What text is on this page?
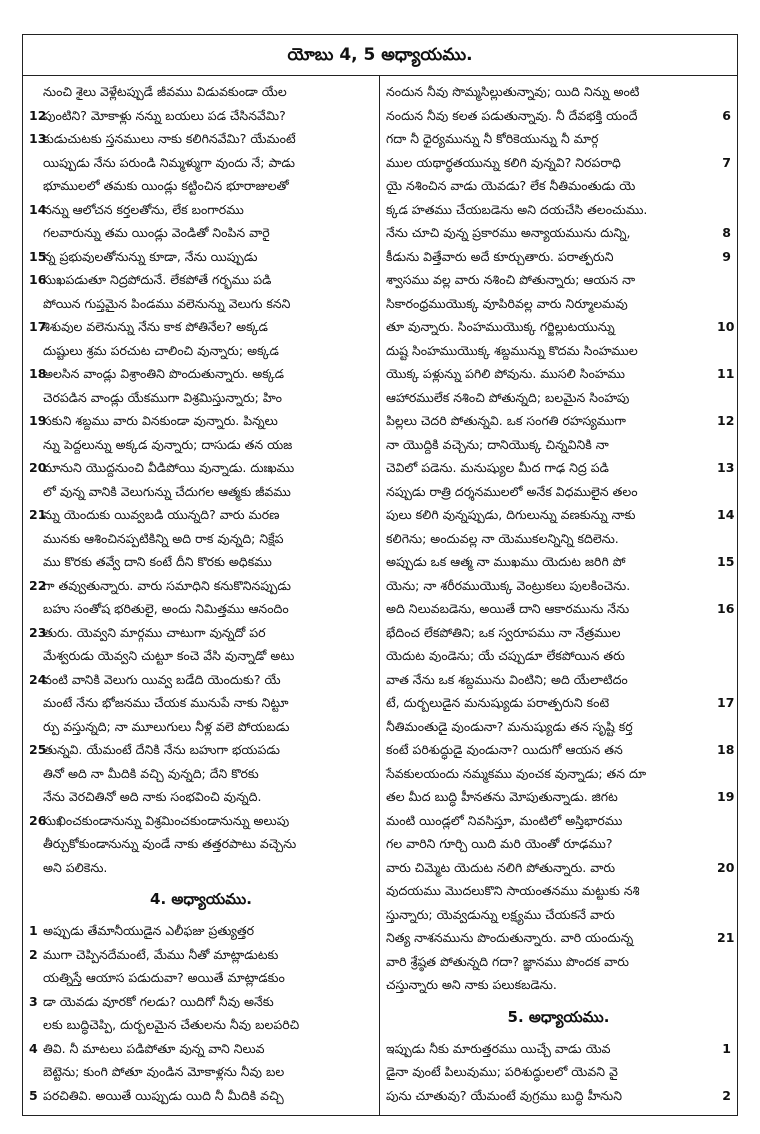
యోబు 4, 5 అధ్యాయము.
నుంచి శైలు వెళ్లేటప్పుడే జీవము విడువకుండా యేల
12
పుంటిని? మోకాళ్లు నన్ను బయలు పడ చేసినవేమి?
13
కుడుచుటకు స్తనములు నాకు కలిగినవేమి? యేమంటే
యిప్పుడు నేను పరుండి నిమ్మళ్ముగా వుందు నే; పాడు
భూములలో తమకు యిండ్లు కట్టించిన భూరాజులతో
14
నన్ను ఆలోచన కర్తలతోను, లేక బంగారము
గలవారున్ను తమ యిండ్లు వెండితో నింపిన వారై
15
న్న ప్రభువులతోనున్ను కూడా, నేను యిప్పుడు
16
సుఖపడుతూ నిద్రపోదునే. లేకపోతే గర్భము పడి
పోయిన గుప్తమైన పిండము వలెనున్ను వెలుగు కనని
17
శిశువుల వలెనున్ను నేను కాక పోతినేల? అక్కడ
దుష్టులు శ్రమ పరచుట చాలించి వున్నారు; అక్కడ
18
అలసిన వాండ్లు విశ్రాంతిని పొందుతున్నారు. అక్కడ
చెరపడిన వాండ్లు యేకముగా విశ్రమిస్తున్నారు; హిం
19
సకుని శబ్దము వారు వినకుండా వున్నారు. పిన్నలు
న్ను పెద్దలున్ను అక్కడ వున్నారు; దాసుడు తన యజ
20
మానుని యొద్దనుంచి వీడిపోయి వున్నాడు. దుఃఖము
లో వున్న వానికి వెలుగున్ను చేదుగల ఆత్మకు జీవము
21
న్ను యెందుకు యివ్వబడి యున్నది? వారు మరణ
మునకు ఆశించినప్పటికిన్ని అది రాక వున్నది; నిక్షేప
ము కొరకు తవ్వే దాని కంటే దీని కొరకు అధికము
22
గా తవ్వుతున్నారు. వారు సమాధిని కనుకొనినప్పుడు
బహు సంతోష భరితులై, అందు నిమిత్తము ఆనందిం
23
తురు. యెవ్వని మార్గము చాటుగా వున్నదో పర
మేశ్వరుడు యెవ్వని చుట్టూ కంచె వేసి వున్నాడో అటు
24
వంటి వానికి వెలుగు యివ్వ బడేది యెందుకు? యే
మంటే నేను భోజనము చేయక మునుపే నాకు నిట్టూ
ర్పు వస్తున్నది; నా మూలుగులు నీళ్ల వలె పోయబడు
25
తున్నవి. యేమంటే దేనికి నేను బహుగా భయపడు
తినో అది నా మీదికి వచ్చి వున్నది; దేని కొరకు
నేను వెరచితినో అది నాకు సంభవించి వున్నది.
26
సుఖించకుండానున్ను విశ్రమించకుండానున్ను అలుపు
తీర్చుకోకుండానున్ను వుండే నాకు తత్తరపాటు వచ్చెను
అని పలికెను.
4. అధ్యాయము.
1 అప్పుడు తేమానీయుడైన ఎలీఫజు ప్రత్యుత్తర
2 ముగా చెప్పినదేమంటే, మేము నీతో మాట్లాడుటకు
యత్నిస్తే ఆయాస పడుదువా? అయితే మాట్లాడకుం
3 డా యెవడు వూరకో గలడు? యిదిగో నీవు అనేకు
లకు బుద్ధిచెప్పి, దుర్బలమైన చేతులను నీవు బలపరిచి
4 తివి. నీ మాటలు పడిపోతూ వున్న వాని నిలువ
బెట్టెను; కుంగి పోతూ వుండిన మోకాళ్లను నీవు బల
5 పరచితివి. అయితే యిప్పుడు యిది నీ మీదికి వచ్చి
నందున నీవు సొమ్మసిల్లుతున్నావు; యిది నిన్ను అంటి
నందున నీవు కలత పడుతున్నావు. నీ దేవభక్తి యందే	6
గదా నీ ధైర్యమున్ను నీ కోరికెయున్ను నీ మార్గ
ముల యథార్థతయున్ను కలిగి వున్నవి? నిరపరాధి	7
యై నశించిన వాడు యెవడు? లేక నీతిమంతుడు యె
క్కడ హతము చేయబడెను అని దయచేసి తలంచుము.
నేను చూచి వున్న ప్రకారము అన్యాయమును దున్ని,	8
కీడును విత్తేవారు అదే కూర్చుతారు. పరాత్పరుని	9
శ్వాసము వల్ల వారు నశించి పోతున్నారు; ఆయన నా
సికారంధ్రముయొక్క వూపిరివల్ల వారు నిర్మూలమవు
తూ వున్నారు. సింహముయొక్క గర్జిల్లుటయున్ను	10
దుష్ట సింహముయొక్క శబ్దమున్ను కొదమ సింహముల
యొక్క పళ్లున్ను పగిలి పోవును. ముసలి సింహము	11
ఆహారములేక నశించి పోతున్నది; బలమైన సింహపు
పిల్లలు చెదరి పోతున్నవి. ఒక సంగతి రహస్యముగా	12
నా యొద్దికి వచ్చెను; దానియొక్క చిన్నవినికి నా
చెవిలో పడెను. మనుష్యుల మీద గాఢ నిద్ర పడి	13
నప్పుడు రాత్రి దర్శనములలో అనేక విధములైన తలం
పులు కలిగి వున్నప్పుడు, దిగులున్ను వణకున్ను నాకు	14
కలిగెను; అందువల్ల నా యెముకలన్నిన్ని కదిలెను.
అప్పుడు ఒక ఆత్మ నా ముఖము యెదుట జరిగి పో	15
యెను; నా శరీరముయొక్క వెంట్రుకలు పులకించెను.
అది నిలువబడెను, అయితే దాని ఆకారమును నేను	16
భేదించ లేకపోతిని; ఒక స్వరూపము నా నేత్రముల
యెదుట వుండెను; యే చప్పుడూ లేకపోయిన తరు
వాత నేను ఒక శబ్దమును వింటిని; అది యేలాటిదం
టే, దుర్బలుడైన మనుష్యుడు పరాత్పరుని కంటె	17
నీతిమంతుడై వుండునా? మనుష్యుడు తన సృష్టి కర్త
కంటే పరిశుద్ధుడై వుండునా? యిదుగో ఆయన తన	18
సేవకులయందు నమ్మకము వుంచక వున్నాడు; తన దూ
తల మీద బుద్ధి హీనతను మోపుతున్నాడు. జిగట	19
మంటి యిండ్లలో నివసిస్తూ, మంటిలో అస్తిభారము
గల వారిని గూర్చి యిది మరి యెంతో రూఢము?
వారు చిమ్మెట యెదుట నలిగి పోతున్నారు. వారు	20
వుదయము మొదలుకొని సాయంతనము మట్టుకు నశి
స్తున్నారు; యెవ్వడున్ను లక్ష్యము చేయకనే వారు
నిత్య నాశనమును పొందుతున్నారు. వారి యందున్న	21
వారి శ్రేష్ఠత పోతున్నది గదా? జ్ఞానము పొందక వారు
చస్తున్నారు అని నాకు పలుకబడెను.
5. అధ్యాయము.
ఇప్పుడు నీకు మారుత్తరము యిచ్చే వాడు యెవ	1
డైనా వుంటే పిలువుము; పరిశుద్ధులలో యెవని వై
పును చూతువు? యేమంటే వుగ్రము బుద్ధి హీనుని	2
